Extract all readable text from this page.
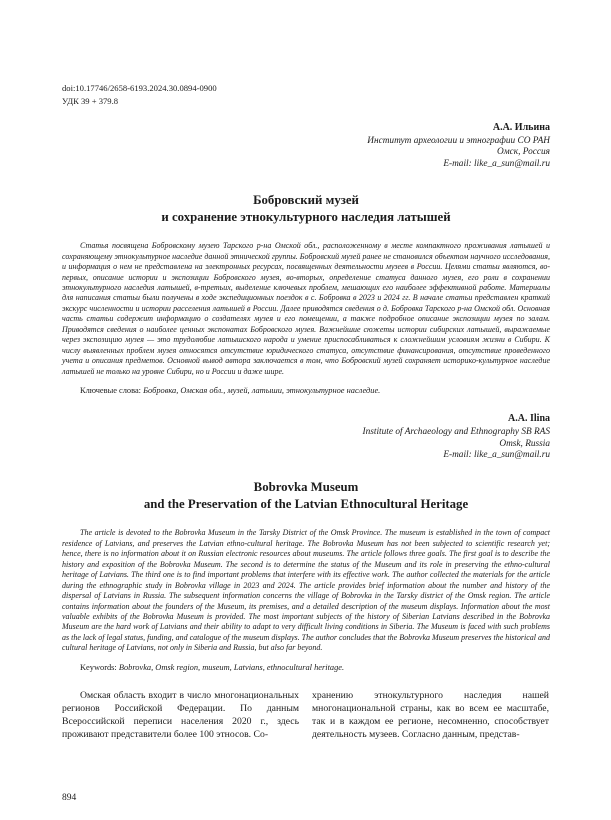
doi:10.17746/2658-6193.2024.30.0894-0900
УДК 39 + 379.8
А.А. Ильина
Институт археологии и этнографии СО РАН
Омск, Россия
E-mail: like_a_sun@mail.ru
Бобровский музей
и сохранение этнокультурного наследия латышей

Статья посвящена Бобровскому музею Тарского р-на Омской обл., расположенному в месте компактного проживания латышей и сохраняющему этнокультурное наследие данной этнической группы. Бобровский музей ранее не становился объектом научного исследования, и информация о нем не представлена на электронных ресурсах, посвященных деятельности музеев в России. Целями статьи являются, во-первых, описание истории и экспозиции Бобровского музея, во-вторых, определение статуса данного музея, его роли в сохранении этнокультурного наследия латышей, в-третьих, выделение ключевых проблем, мешающих его наиболее эффективной работе. Материалы для написания статьи были получены в ходе экспедиционных поездок в с. Бобровка в 2023 и 2024 гг. В начале статьи представлен краткий экскурс численности и истории расселения латышей в России. Далее приводятся сведения о д. Бобровка Тарского р-на Омской обл. Основная часть статьи содержит информацию о создателях музея и его помещении, а также подробное описание экспозиции музея по залам. Приводятся сведения о наиболее ценных экспонатах Бобровского музея. Важнейшие сюжеты истории сибирских латышей, выражаемые через экспозицию музея — это трудолюбие латышского народа и умение приспосабливаться к сложнейшим условиям жизни в Сибири. К числу выявленных проблем музея относятся отсутствие юридического статуса, отсутствие финансирования, отсутствие проведенного учета и описания предметов. Основной вывод автора заключается в том, что Бобровский музей сохраняет историко-культурное наследие латышей не только на уровне Сибири, но и России и даже шире.

Ключевые слова: Бобровка, Омская обл., музей, латыши, этнокультурное наследие.

A.A. Ilina
Institute of Archaeology and Ethnography SB RAS
Omsk, Russia
E-mail: like_a_sun@mail.ru
Bobrovka Museum
and the Preservation of the Latvian Ethnocultural Heritage

The article is devoted to the Bobrovka Museum in the Tarsky District of the Omsk Province. The museum is established in the town of compact residence of Latvians, and preserves the Latvian ethno-cultural heritage. The Bobrovka Museum has not been subjected to scientific research yet; hence, there is no information about it on Russian electronic resources about museums. The article follows three goals. The first goal is to describe the history and exposition of the Bobrovka Museum. The second is to determine the status of the Museum and its role in preserving the ethno-cultural heritage of Latvians. The third one is to find important problems that interfere with its effective work. The author collected the materials for the article during the ethnographic study in Bobrovka village in 2023 and 2024. The article provides brief information about the number and history of the dispersal of Latvians in Russia. The subsequent information concerns the village of Bobrovka in the Tarsky district of the Omsk region. The article contains information about the founders of the Museum, its premises, and a detailed description of the museum displays. Information about the most valuable exhibits of the Bobrovka Museum is provided. The most important subjects of the history of Siberian Latvians described in the Bobrovka Museum are the hard work of Latvians and their ability to adapt to very difficult living conditions in Siberia. The Museum is faced with such problems as the lack of legal status, funding, and catalogue of the museum displays. The author concludes that the Bobrovka Museum preserves the historical and cultural heritage of Latvians, not only in Siberia and Russia, but also far beyond.

Keywords: Bobrovka, Omsk region, museum, Latvians, ethnocultural heritage.

Омская область входит в число многонациональных регионов Российской Федерации. По данным Всероссийской переписи населения 2020 г., здесь проживают представители более 100 этносов. Со-

хранению этнокультурного наследия нашей многонациональной страны, как во всем ее масштабе, так и в каждом ее регионе, несомненно, способствует деятельность музеев. Согласно данным, представ-

894
